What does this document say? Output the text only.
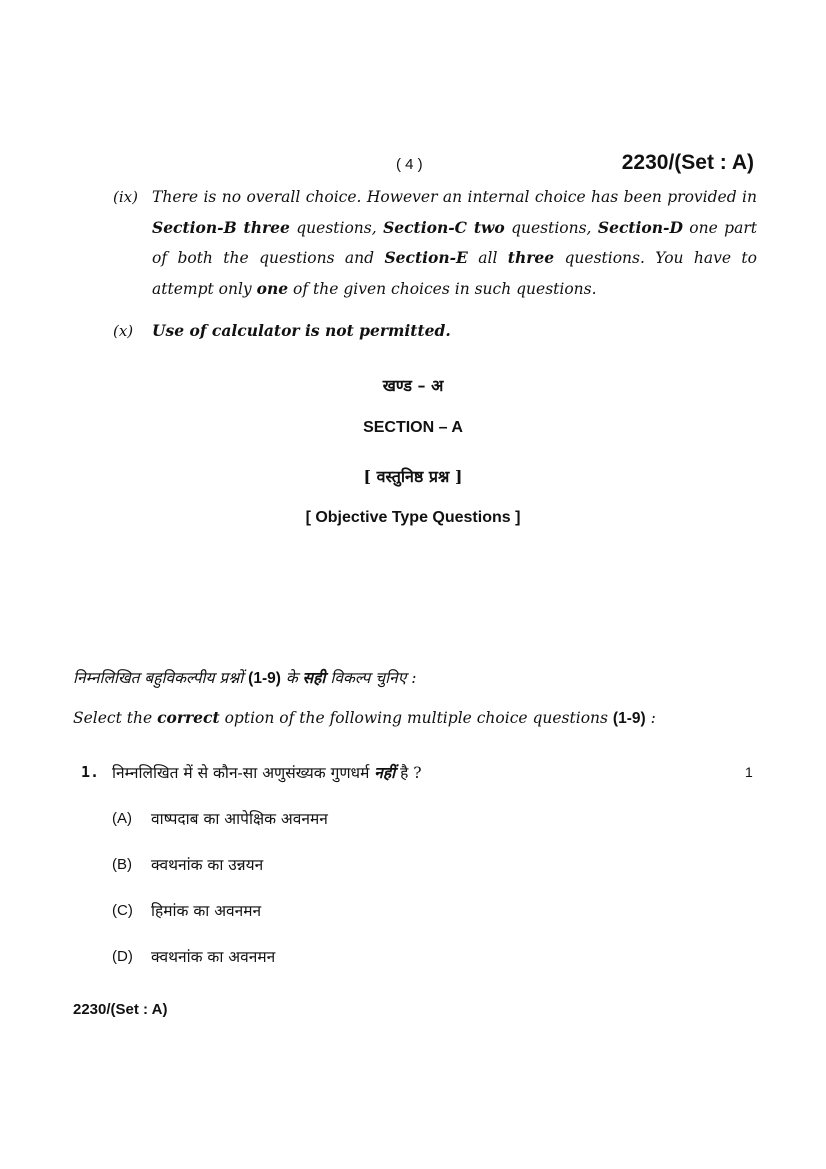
( 4 )	2230/(Set : A)
(ix) There is no overall choice. However an internal choice has been provided in Section-B three questions, Section-C two questions, Section-D one part of both the questions and Section-E all three questions. You have to attempt only one of the given choices in such questions.
(x) Use of calculator is not permitted.
खण्ड – अ
SECTION – A
[ वस्तुनिष्ठ प्रश्न ]
[ Objective Type Questions ]
निम्नलिखित बहुविकल्पीय प्रश्नों (1-9) के सही विकल्प चुनिए :
Select the correct option of the following multiple choice questions (1-9) :
1. निम्नलिखित में से कौन-सा अणुसंख्यक गुणधर्म नहीं है ?	1
(A) वाष्पदाब का आपेक्षिक अवनमन
(B) क्वथनांक का उन्नयन
(C) हिमांक का अवनमन
(D) क्वथनांक का अवनमन
2230/(Set : A)
